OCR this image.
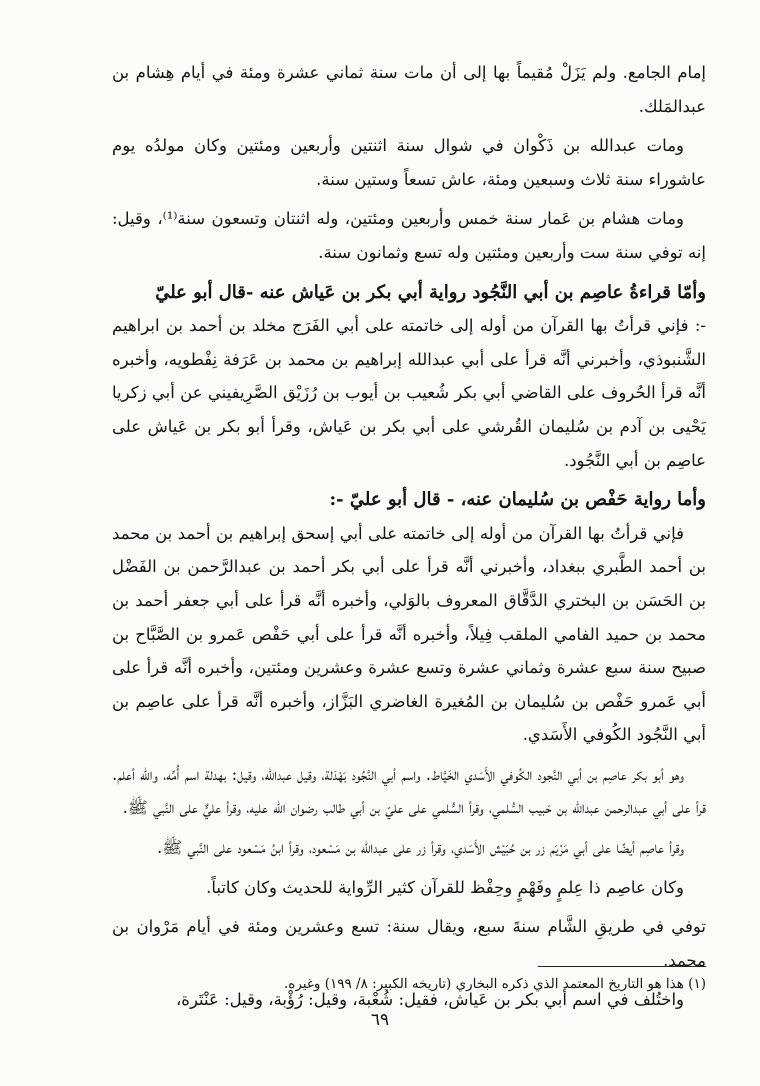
إمام الجامع. ولم يَزَلْ مُقيماً بها إلى أن مات سنة ثماني عشرة ومئة في أيام هِشام بن عبدالمَلك.

ومات عبدالله بن ذَكْوان في شوال سنة اثنتين وأربعين ومئتين وكان مولدُه يوم عاشوراء سنة ثلاث وسبعين ومئة، عاش تسعاً وستين سنة.

ومات هشام بن عَمار سنة خمس وأربعين ومئتين، وله اثنتان وتسعون سنة⁽¹⁾، وقيل: إنه توفي سنة ست وأربعين ومئتين وله تسع وثمانون سنة.

وأمّا قراءةُ عاصِم بن أبي النَّجُود رواية أبي بكر بن عَياش عنه -قال أبو عليّ

-: فإني قرأتُ بها القرآن من أوله إلى خاتمته على أبي الفَرَج مخلد بن أحمد بن ابراهيم الشَّنبوذي، وأخبرني أنَّه قرأ على أبي عبدالله إبراهيم بن محمد بن عَرَفة نِفْطويه، وأخبره أنَّه قرأ الحُروف على القاضي أبي بكر شُعيب بن أيوب بن رُزَيْق الصَّرِيفيني عن أبي زكريا يَحْيى بن آدم بن سُليمان القُرشي على أبي بكر بن عَياش، وقرأ أبو بكر بن عَياش على عاصِم بن أبي النَّجُود.

وأما رواية حَفْص بن سُليمان عنه، - قال أبو عليّ -:

فإني قرأتُ بها القرآن من أوله إلى خاتمته على أبي إسحق إبراهيم بن أحمد بن محمد بن أحمد الطَّبري ببغداد، وأخبرني أنَّه قرأ على أبي بكر أحمد بن عبدالرَّحمن بن الفَضْل بن الحَسَن بن البختري الدَّقَّاق المعروف بالوَلي، وأخبره أنَّه قرأ على أبي جعفر أحمد بن محمد بن حميد الفامي الملقب فِيلاً، وأخبره أنَّه قرأ على أبي حَفْص عَمرو بن الصَّبَّاح بن صبيح سنة سبع عشرة وثماني عشرة وتسع عشرة وعشرين ومئتين، وأخبره أنَّه قرأ على أبي عَمرو حَفْص بن سُليمان بن المُغيرة الغاضري البَزَّاز، وأخبره أنَّه قرأ على عاصِم بن أبي النَّجُود الكُوفي الأَسَدي.

وهو أبو بكر عاصِم بن أبي النَّجود الكُوفي الأَسَدي الخَيَّاط. واسم أبي النَّجُود بَهْدَلة، وقيل عبدالله، وقيل: بهدلة اسم أُمِّه، والله أعلم. قرأ على أبي عبدالرحمن عبدالله بن حَبيب السُّلمي، وقرأ السُّلمي على عليّ بن أبي طالب رضوان الله عليه، وقرأ عليٌّ على النَّبي ﷺ.

وقرأ عاصِم أيضًا على أبي مَرْيَم زر بن حُبَيْش الأَسَدي، وقرأ زر على عبدالله بن مَسْعود، وقرأ ابنُ مَسْعود على النَّبي ﷺ.

وكان عاصِم ذا عِلمٍ وفَهْمٍ وحِفْظ للقرآن كثير الرِّواية للحديث وكان كاتباً.

توفي في طريقِ الشَّام سنةَ سبع، ويقال سنة: تسع وعشرين ومئة في أيام مَرْوان بن محمد.

واختُلف في اسم أبي بكر بن عَياش، فقيل: شُعْبة، وقيل: رُؤْبة، وقيل: عَنْتَرة،

(١) هذا هو التاريخ المعتمد الذي ذكره البخاري (تاريخه الكبير: ٨/ ١٩٩) وغيره.
٦٩
